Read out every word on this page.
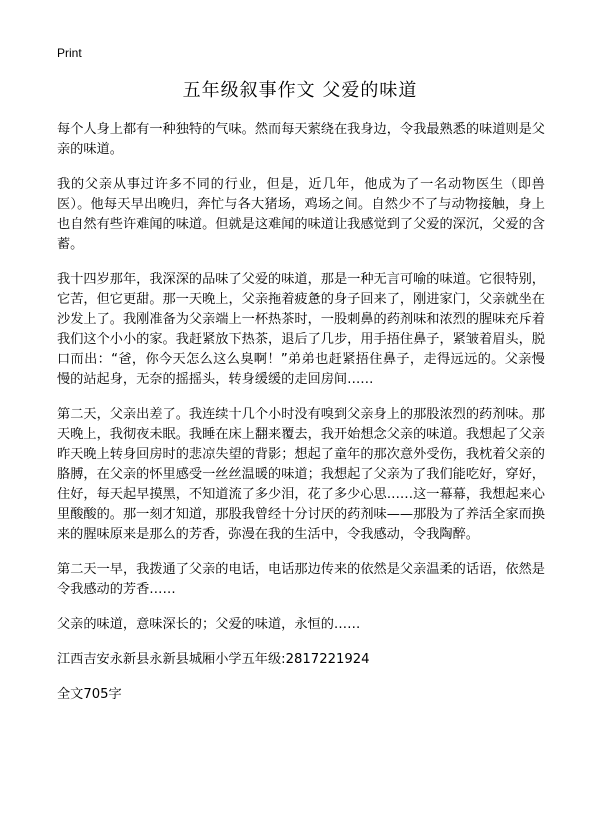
Print
五年级叙事作文 父爱的味道

每个人身上都有一种独特的气味。然而每天萦绕在我身边，令我最熟悉的味道则是父亲的味道。

我的父亲从事过许多不同的行业，但是，近几年，他成为了一名动物医生（即兽医）。他每天早出晚归，奔忙与各大猪场，鸡场之间。自然少不了与动物接触，身上也自然有些许难闻的味道。但就是这难闻的味道让我感觉到了父爱的深沉，父爱的含蓄。

我十四岁那年，我深深的品味了父爱的味道，那是一种无言可喻的味道。它很特别，它苦，但它更甜。那一天晚上，父亲拖着疲惫的身子回来了，刚进家门，父亲就坐在沙发上了。我刚准备为父亲端上一杯热茶时，一股刺鼻的药剂味和浓烈的腥味充斥着我们这个小小的家。我赶紧放下热茶，退后了几步，用手捂住鼻子，紧皱着眉头，脱口而出：“爸，你今天怎么这么臭啊！”弟弟也赶紧捂住鼻子，走得远远的。父亲慢慢的站起身，无奈的摇摇头，转身缓缓的走回房间……

第二天，父亲出差了。我连续十几个小时没有嗅到父亲身上的那股浓烈的药剂味。那天晚上，我彻夜未眠。我睡在床上翻来覆去，我开始想念父亲的味道。我想起了父亲昨天晚上转身回房时的悲凉失望的背影；想起了童年的那次意外受伤，我枕着父亲的胳膊，在父亲的怀里感受一丝丝温暖的味道；我想起了父亲为了我们能吃好，穿好，住好，每天起早摸黑，不知道流了多少泪，花了多少心思……这一幕幕，我想起来心里酸酸的。那一刻才知道，那股我曾经十分讨厌的药剂味——那股为了养活全家而换来的腥味原来是那么的芳香，弥漫在我的生活中，令我感动，令我陶醉。

第二天一早，我拨通了父亲的电话，电话那边传来的依然是父亲温柔的话语，依然是令我感动的芳香……

父亲的味道，意味深长的；父爱的味道，永恒的……

江西吉安永新县永新县城厢小学五年级:2817221924

全文705字
